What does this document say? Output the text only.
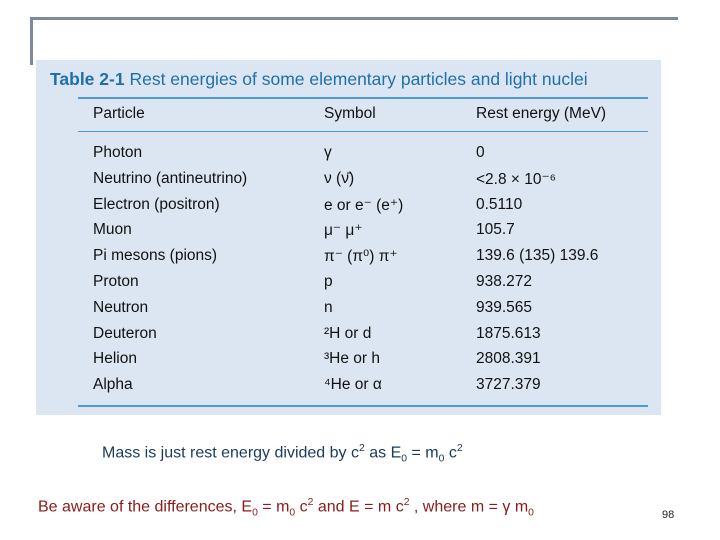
Table 2-1 Rest energies of some elementary particles and light nuclei
Particle	Symbol	Rest energy (MeV)
Photon	γ	0
Neutrino (antineutrino)	ν (ν̄)	<2.8 × 10⁻⁶
Electron (positron)	e or e⁻ (e⁺)	0.5110
Muon	μ⁻ μ⁺	105.7
Pi mesons (pions)	π⁻ (π⁰) π⁺	139.6 (135) 139.6
Proton	p	938.272
Neutron	n	939.565
Deuteron	²H or d	1875.613
Helion	³He or h	2808.391
Alpha	⁴He or α	3727.379
Mass is just rest energy divided by $c^2$ as $E_0 = m_0$ $c^2$
Be aware of the differences, $E_0 = m_0$ $c^2$ and E = m $c^2$ , where m = γ $m_0$	98
